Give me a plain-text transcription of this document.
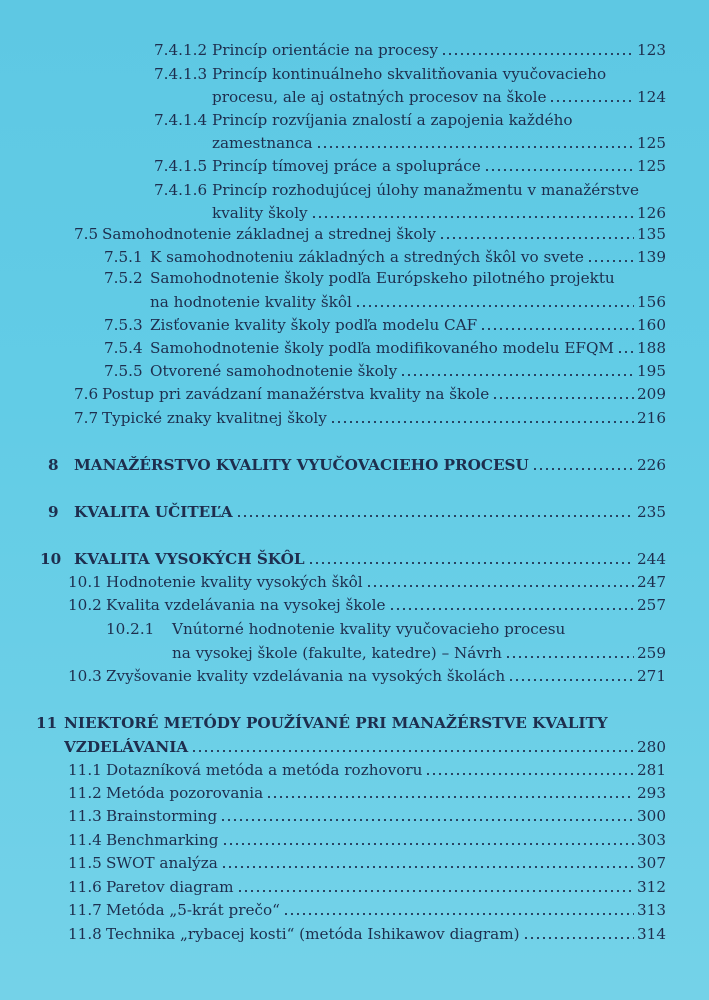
7.4.1.2 Princíp orientácie na procesy	123
7.4.1.3 Princíp kontinuálneho skvalitňovania vyučovacieho
procesu, ale aj ostatných procesov na škole	124
7.4.1.4 Princíp rozvíjania znalostí a zapojenia každého
zamestnanca	125
7.4.1.5 Princíp tímovej práce a spolupráce	125
7.4.1.6 Princíp rozhodujúcej úlohy manažmentu v manažérstve
kvality školy	126
7.5 Samohodnotenie základnej a strednej školy	135
7.5.1 K samohodnoteniu základných a stredných škôl vo svete	139
7.5.2 Samohodnotenie školy podľa Európskeho pilotného projektu
na hodnotenie kvality škôl	156
7.5.3 Zisťovanie kvality školy podľa modelu CAF	160
7.5.4 Samohodnotenie školy podľa modifikovaného modelu EFQM 188
7.5.5 Otvorené samohodnotenie školy	195
7.6 Postup pri zavádzaní manažérstva kvality na škole	209
7.7 Typické znaky kvalitnej školy	216
8 MANAŽÉRSTVO KVALITY VYUČOVACIEHO PROCESU	226
9 KVALITA UČITEĽA	235
10 KVALITA VYSOKÝCH ŠKÔL	244
10.1 Hodnotenie kvality vysokých škôl	247
10.2 Kvalita vzdelávania na vysokej škole	257
10.2.1 Vnútorné hodnotenie kvality vyučovacieho procesu
na vysokej škole (fakulte, katedre) – Návrh	259
10.3 Zvyšovanie kvality vzdelávania na vysokých školách	271
11 NIEKTORÉ METÓDY POUŽÍVANÉ PRI MANAŽÉRSTVE KVALITY
VZDELÁVANIA	280
11.1 Dotazníková metóda a metóda rozhovoru	281
11.2 Metóda pozorovania	293
11.3 Brainstorming	300
11.4 Benchmarking	303
11.5 SWOT analýza	307
11.6 Paretov diagram	312
11.7 Metóda „5-krát prečo“	313
11.8 Technika „rybacej kosti“ (metóda Ishikawov diagram)	314
